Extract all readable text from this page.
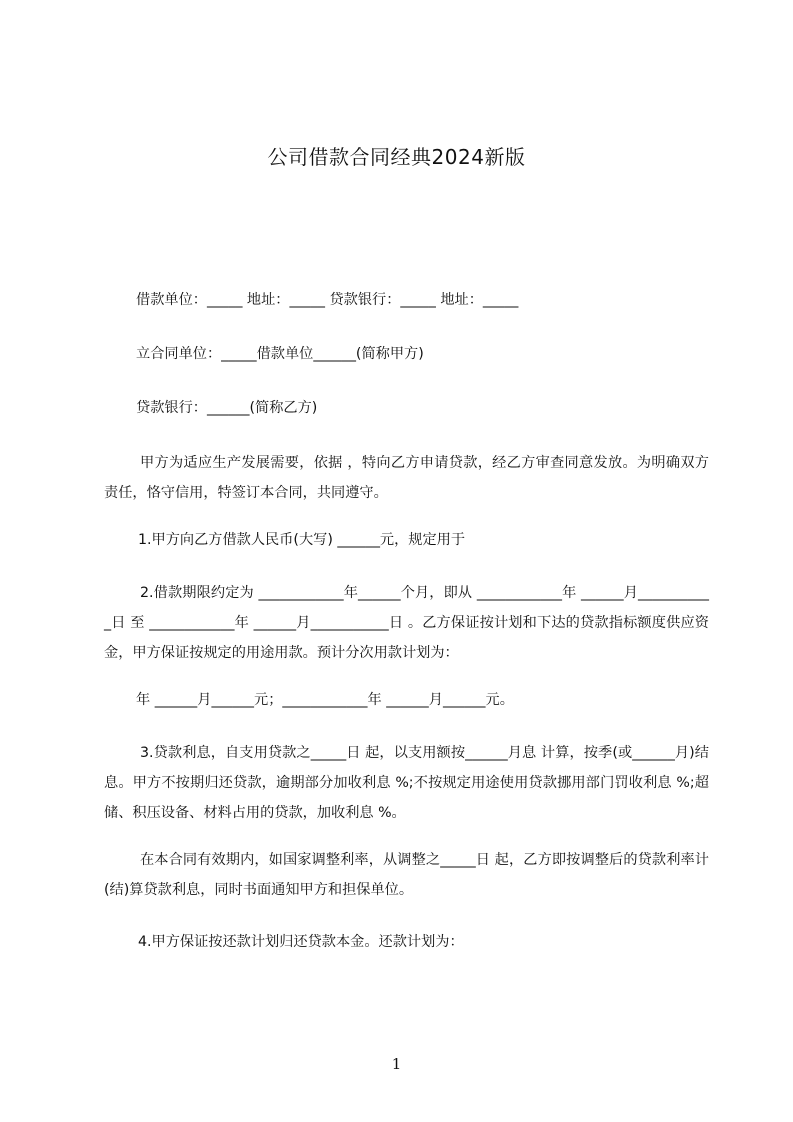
公司借款合同经典2024新版
借款单位：_____ 地址：_____ 贷款银行：_____ 地址：_____
立合同单位：_____借款单位______(简称甲方)
贷款银行：______(简称乙方)
甲方为适应生产发展需要，依据 ，特向乙方申请贷款，经乙方审查同意发放。为明确双方责任，恪守信用，特签订本合同，共同遵守。
1.甲方向乙方借款人民币(大写) ______元，规定用于
2.借款期限约定为 ____________年______个月，即从 ____________年 ______月___________日 至 ____________年 ______月___________日 。乙方保证按计划和下达的贷款指标额度供应资金，甲方保证按规定的用途用款。预计分次用款计划为：
年 ______月______元；____________年 ______月______元。
3.贷款利息，自支用贷款之_____日 起，以支用额按______月息 计算，按季(或______月)结息。甲方不按期归还贷款，逾期部分加收利息 %;不按规定用途使用贷款挪用部门罚收利息 %;超储、积压设备、材料占用的贷款，加收利息 %。
在本合同有效期内，如国家调整利率，从调整之_____日 起，乙方即按调整后的贷款利率计(结)算贷款利息，同时书面通知甲方和担保单位。
4.甲方保证按还款计划归还贷款本金。还款计划为：
1
